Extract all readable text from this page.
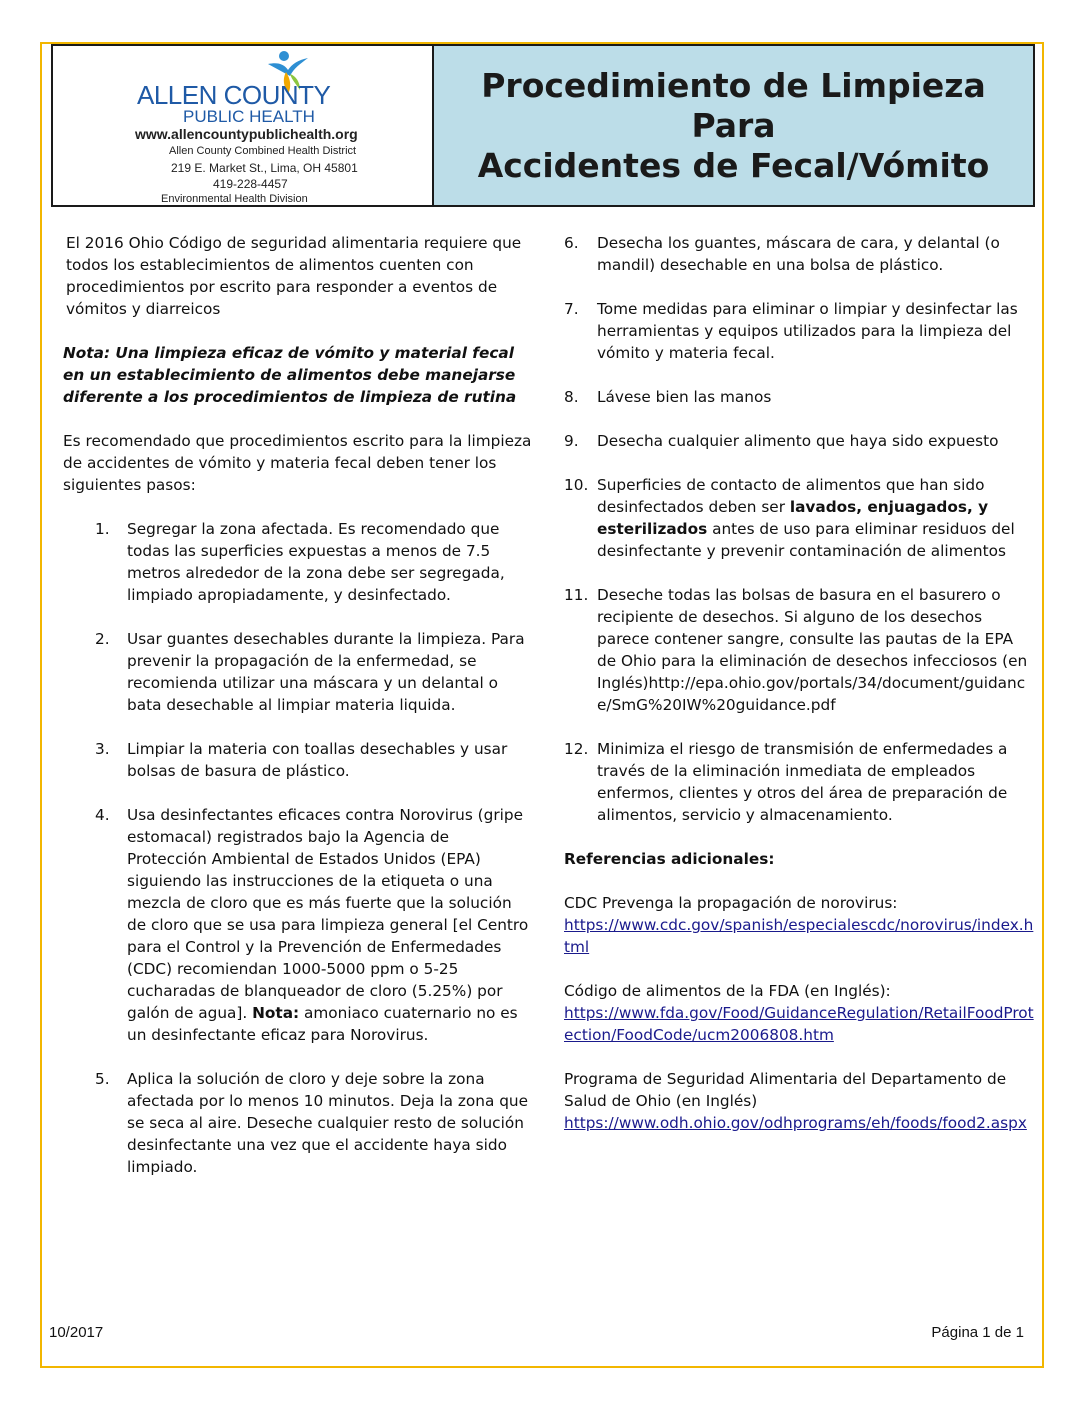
ALLEN COUNTY
PUBLIC HEALTH
www.allencountypublichealth.org
Allen County Combined Health District
219 E. Market St., Lima, OH 45801
419-228-4457
Environmental Health Division
Procedimiento de Limpieza Para
Accidentes de Fecal/Vómito

El 2016 Ohio Código de seguridad alimentaria requiere que todos los establecimientos de alimentos cuenten con procedimientos por escrito para responder a eventos de vómitos y diarreicos

Nota: Una limpieza eficaz de vómito y material fecal en un establecimiento de alimentos debe manejarse diferente a los procedimientos de limpieza de rutina

Es recomendado que procedimientos escrito para la limpieza de accidentes de vómito y materia fecal deben tener los siguientes pasos:

1.	Segregar la zona afectada. Es recomendado que todas las superficies expuestas a menos de 7.5 metros alrededor de la zona debe ser segregada, limpiado apropiadamente, y desinfectado.
2.	Usar guantes desechables durante la limpieza. Para prevenir la propagación de la enfermedad, se recomienda utilizar una máscara y un delantal o bata desechable al limpiar materia liquida.
3.	Limpiar la materia con toallas desechables y usar bolsas de basura de plástico.
4.	Usa desinfectantes eficaces contra Norovirus (gripe estomacal) registrados bajo la Agencia de Protección Ambiental de Estados Unidos (EPA) siguiendo las instrucciones de la etiqueta o una mezcla de cloro que es más fuerte que la solución de cloro que se usa para limpieza general [el Centro para el Control y la Prevención de Enfermedades (CDC) recomiendan 1000-5000 ppm o 5-25 cucharadas de blanqueador de cloro (5.25%) por galón de agua]. Nota: amoniaco cuaternario no es un desinfectante eficaz para Norovirus.
5.	Aplica la solución de cloro y deje sobre la zona afectada por lo menos 10 minutos. Deja la zona que se seca al aire. Deseche cualquier resto de solución desinfectante una vez que el accidente haya sido limpiado.
6.	Desecha los guantes, máscara de cara, y delantal (o mandil) desechable en una bolsa de plástico.
7.	Tome medidas para eliminar o limpiar y desinfectar las herramientas y equipos utilizados para la limpieza del vómito y materia fecal.
8.	Lávese bien las manos
9.	Desecha cualquier alimento que haya sido expuesto
10. Superficies de contacto de alimentos que han sido desinfectados deben ser lavados, enjuagados, y esterilizados antes de uso para eliminar residuos del desinfectante y prevenir contaminación de alimentos
11. Deseche todas las bolsas de basura en el basurero o recipiente de desechos. Si alguno de los desechos parece contener sangre, consulte las pautas de la EPA de Ohio para la eliminación de desechos infecciosos (en Inglés)http://epa.ohio.gov/portals/34/document/guidance/SmG%20IW%20guidance.pdf
12. Minimiza el riesgo de transmisión de enfermedades a través de la eliminación inmediata de empleados enfermos, clientes y otros del área de preparación de alimentos, servicio y almacenamiento.

Referencias adicionales:

CDC Prevenga la propagación de norovirus:
https://www.cdc.gov/spanish/especialescdc/norovirus/index.html
Código de alimentos de la FDA (en Inglés):
https://www.fda.gov/Food/GuidanceRegulation/RetailFoodProtection/FoodCode/ucm2006808.htm
Programa de Seguridad Alimentaria del Departamento de Salud de Ohio (en Inglés)
https://www.odh.ohio.gov/odhprograms/eh/foods/food2.aspx
10/2017	Página 1 de 1
